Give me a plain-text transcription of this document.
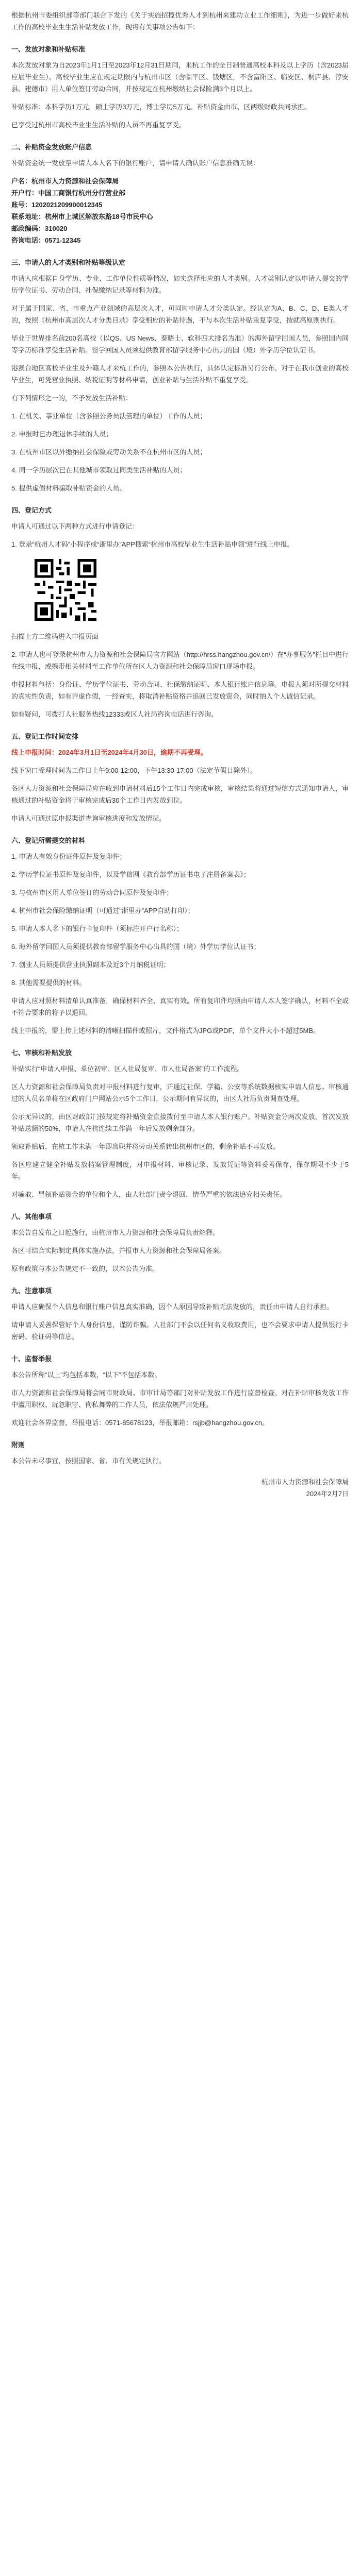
根据杭州市委组织部等部门联合下发的《关于实施招揽优秀人才到杭州来建功立业工作细则》，为进一步做好来杭工作的高校毕业生生活补贴发放工作，现将有关事项公告如下：

一、发放对象和补贴标准

本次发放对象为自2023年1月1日至2023年12月31日期间，来杭工作的全日制普通高校本科及以上学历（含2023届应届毕业生）。高校毕业生应在规定期限内与杭州市区（含临平区、钱塘区，不含富阳区、临安区、桐庐县、淳安县、建德市）用人单位签订劳动合同，并按规定在杭州缴纳社会保险满3个月以上。

补贴标准：本科学历1万元，硕士学历3万元，博士学历5万元。补贴资金由市、区两级财政共同承担。

已享受过杭州市高校毕业生生活补贴的人员不再重复享受。

二、补贴资金发放账户信息

补贴资金统一发放至申请人本人名下的银行账户，请申请人确认账户信息准确无误：

户名：杭州市人力资源和社会保障局

开户行：中国工商银行杭州分行营业部

账号：1202021209900012345

联系地址：杭州市上城区解放东路18号市民中心

邮政编码：310020

咨询电话：0571-12345

三、申请人的人才类别和补贴等级认定

申请人应根据自身学历、专业、工作单位性质等情况，如实选择相应的人才类别。人才类别认定以申请人提交的学历学位证书、劳动合同、社保缴纳记录等材料为准。

对于属于国家、省、市重点产业领域的高层次人才，可同时申请人才分类认定。经认定为A、B、C、D、E类人才的，按照《杭州市高层次人才分类目录》享受相应的补贴待遇，不与本次生活补贴重复享受，按就高原则执行。

毕业于世界排名前200名高校（以QS、US News、泰晤士、软科四大排名为准）的海外留学回国人员，参照国内同等学历标准享受生活补贴。留学回国人员须提供教育部留学服务中心出具的国（境）外学历学位认证书。

港澳台地区高校毕业生及外籍人才来杭工作的，参照本公告执行，具体认定标准另行公布。对于在我市创业的高校毕业生，可凭营业执照、纳税证明等材料申请，创业补贴与生活补贴不重复享受。

有下列情形之一的，不予发放生活补贴：

1. 在机关、事业单位（含参照公务员法管理的单位）工作的人员；

2. 申报时已办理退休手续的人员；

3. 在杭州市区以外缴纳社会保险或劳动关系不在杭州市区的人员；

4. 同一学历层次已在其他城市领取过同类生活补贴的人员；

5. 提供虚假材料骗取补贴资金的人员。

四、登记方式

申请人可通过以下两种方式进行申请登记：

1. 登录“杭州人才码”小程序或“浙里办”APP搜索“杭州市高校毕业生生活补贴申领”进行线上申报。

扫描上方二维码进入申报页面

2. 申请人也可登录杭州市人力资源和社会保障局官方网站（http://hrss.hangzhou.gov.cn/）在“办事服务”栏目中进行在线申报，或携带相关材料至工作单位所在区人力资源和社会保障局窗口现场申报。

申报材料包括：身份证、学历学位证书、劳动合同、社保缴纳证明、本人银行账户信息等。申报人须对所提交材料的真实性负责，如有弄虚作假，一经查实，将取消补贴资格并追回已发放资金，同时纳入个人诚信记录。

如有疑问，可拨打人社服务热线12333或区人社局咨询电话进行咨询。

五、登记工作时间安排

线上申报时间：2024年3月1日至2024年4月30日，逾期不再受理。

线下窗口受理时间为工作日上午9:00-12:00，下午13:30-17:00（法定节假日除外）。

各区人力资源和社会保障局应在收到申请材料后15个工作日内完成审核，审核结果将通过短信方式通知申请人，审核通过的补贴资金将于审核完成后30个工作日内发放到位。

申请人可通过原申报渠道查询审核进度和发放情况。

六、登记所需提交的材料

1. 申请人有效身份证件原件及复印件；

2. 学历学位证书原件及复印件，以及学信网《教育部学历证书电子注册备案表》；

3. 与杭州市区用人单位签订的劳动合同原件及复印件；

4. 杭州市社会保险缴纳证明（可通过“浙里办”APP自助打印）；

5. 申请人本人名下的银行卡复印件（须标注开户行名称）；

6. 海外留学回国人员须提供教育部留学服务中心出具的国（境）外学历学位认证书；

7. 创业人员须提供营业执照副本及近3个月纳税证明；

8. 其他需要提供的材料。

申请人应对照材料清单认真准备，确保材料齐全、真实有效。所有复印件均须由申请人本人签字确认，材料不全或不符合要求的将予以退回。

线上申报的，需上传上述材料的清晰扫描件或照片，文件格式为JPG或PDF，单个文件大小不超过5MB。

七、审核和补贴发放

补贴实行“申请人申报、单位初审、区人社局复审、市人社局备案”的工作流程。

区人力资源和社会保障局负责对申报材料进行复审，并通过社保、学籍、公安等系统数据核实申请人信息。审核通过的人员名单将在区政府门户网站公示5个工作日，公示期间有异议的，由区人社局负责调查处理。

公示无异议的，由区财政部门按规定将补贴资金直接拨付至申请人本人银行账户。补贴资金分两次发放，首次发放补贴总额的50%，申请人在杭连续工作满一年后发放剩余部分。

领取补贴后，在杭工作未满一年即离职并将劳动关系转出杭州市区的，剩余补贴不再发放。

各区应建立健全补贴发放档案管理制度，对申报材料、审核记录、发放凭证等资料妥善保存，保存期限不少于5年。

对骗取、冒领补贴资金的单位和个人，由人社部门责令退回，情节严重的依法追究相关责任。

八、其他事项

本公告自发布之日起施行，由杭州市人力资源和社会保障局负责解释。

各区可结合实际制定具体实施办法，并报市人力资源和社会保障局备案。

原有政策与本公告规定不一致的，以本公告为准。

九、注意事项

申请人应确保个人信息和银行账户信息真实准确，因个人原因导致补贴无法发放的，责任由申请人自行承担。

请申请人妥善保管好个人身份信息，谨防诈骗。人社部门不会以任何名义收取费用，也不会要求申请人提供银行卡密码、验证码等信息。

十、监督举报

本公告所称“以上”均包括本数，“以下”不包括本数。

市人力资源和社会保障局将会同市财政局、市审计局等部门对补贴发放工作进行监督检查。对在补贴审核发放工作中滥用职权、玩忽职守、徇私舞弊的工作人员，依法依规严肃处理。

欢迎社会各界监督，举报电话：0571-85678123，举报邮箱：rsjjb@hangzhou.gov.cn。

附则

本公告未尽事宜，按照国家、省、市有关规定执行。

杭州市人力资源和社会保障局
2024年2月7日
